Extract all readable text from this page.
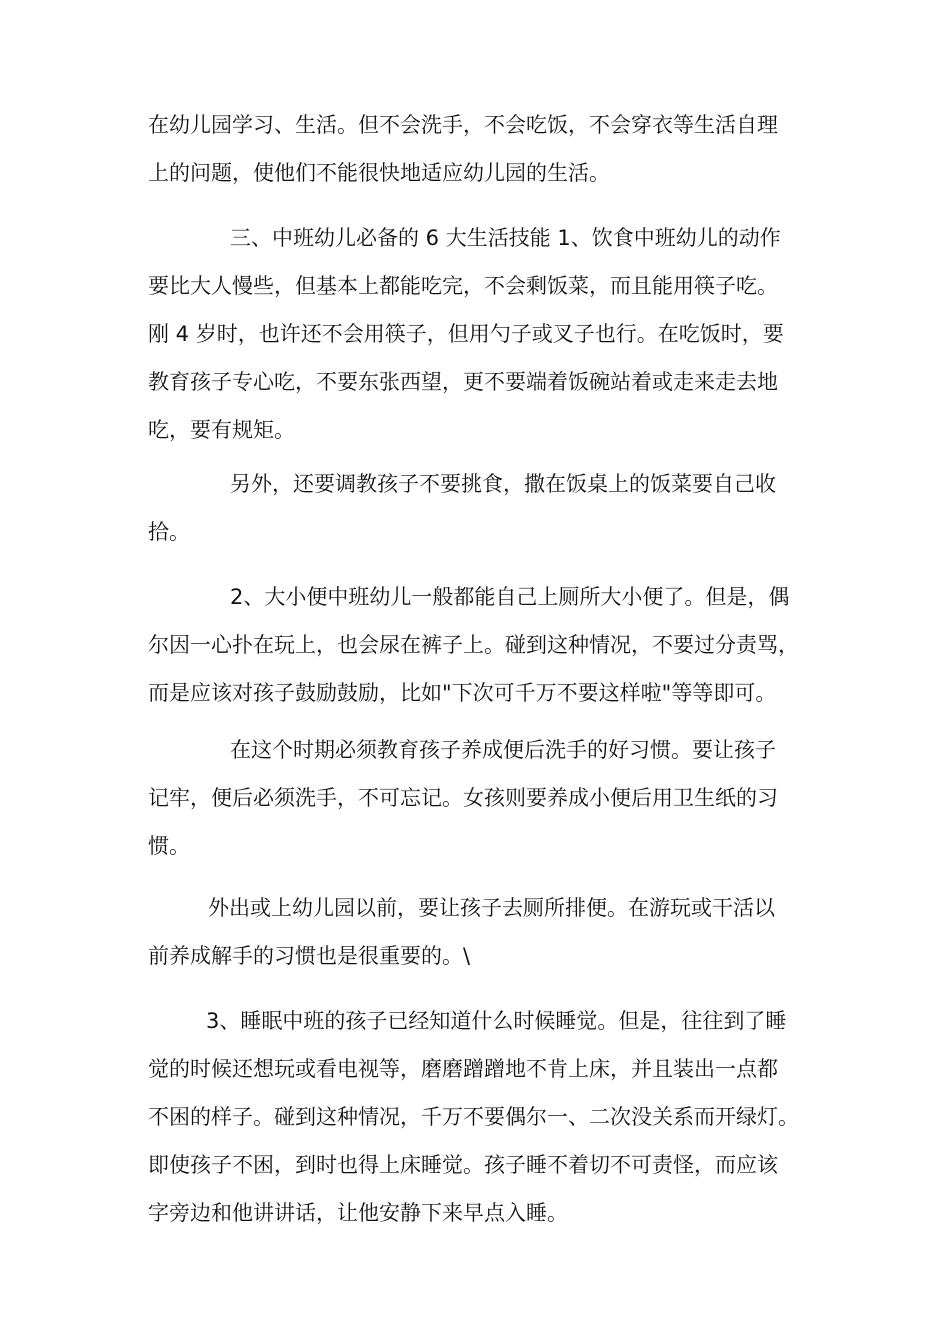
在幼儿园学习、生活。但不会洗手，不会吃饭，不会穿衣等生活自理
上的问题，使他们不能很快地适应幼儿园的生活。
三、中班幼儿必备的 6 大生活技能 1、饮食中班幼儿的动作
要比大人慢些，但基本上都能吃完，不会剩饭菜，而且能用筷子吃。
刚 4 岁时，也许还不会用筷子，但用勺子或叉子也行。在吃饭时，要
教育孩子专心吃，不要东张西望，更不要端着饭碗站着或走来走去地
吃，要有规矩。
另外，还要调教孩子不要挑食，撒在饭桌上的饭菜要自己收
拾。
2、大小便中班幼儿一般都能自己上厕所大小便了。但是，偶
尔因一心扑在玩上，也会尿在裤子上。碰到这种情况，不要过分责骂，
而是应该对孩子鼓励鼓励，比如"下次可千万不要这样啦"等等即可。
在这个时期必须教育孩子养成便后洗手的好习惯。要让孩子
记牢，便后必须洗手，不可忘记。女孩则要养成小便后用卫生纸的习
惯。
外出或上幼儿园以前，要让孩子去厕所排便。在游玩或干活以
前养成解手的习惯也是很重要的。\
3、睡眠中班的孩子已经知道什么时候睡觉。但是，往往到了睡
觉的时候还想玩或看电视等，磨磨蹭蹭地不肯上床，并且装出一点都
不困的样子。碰到这种情况，千万不要偶尔一、二次没关系而开绿灯。
即使孩子不困，到时也得上床睡觉。孩子睡不着切不可责怪，而应该
字旁边和他讲讲话，让他安静下来早点入睡。
